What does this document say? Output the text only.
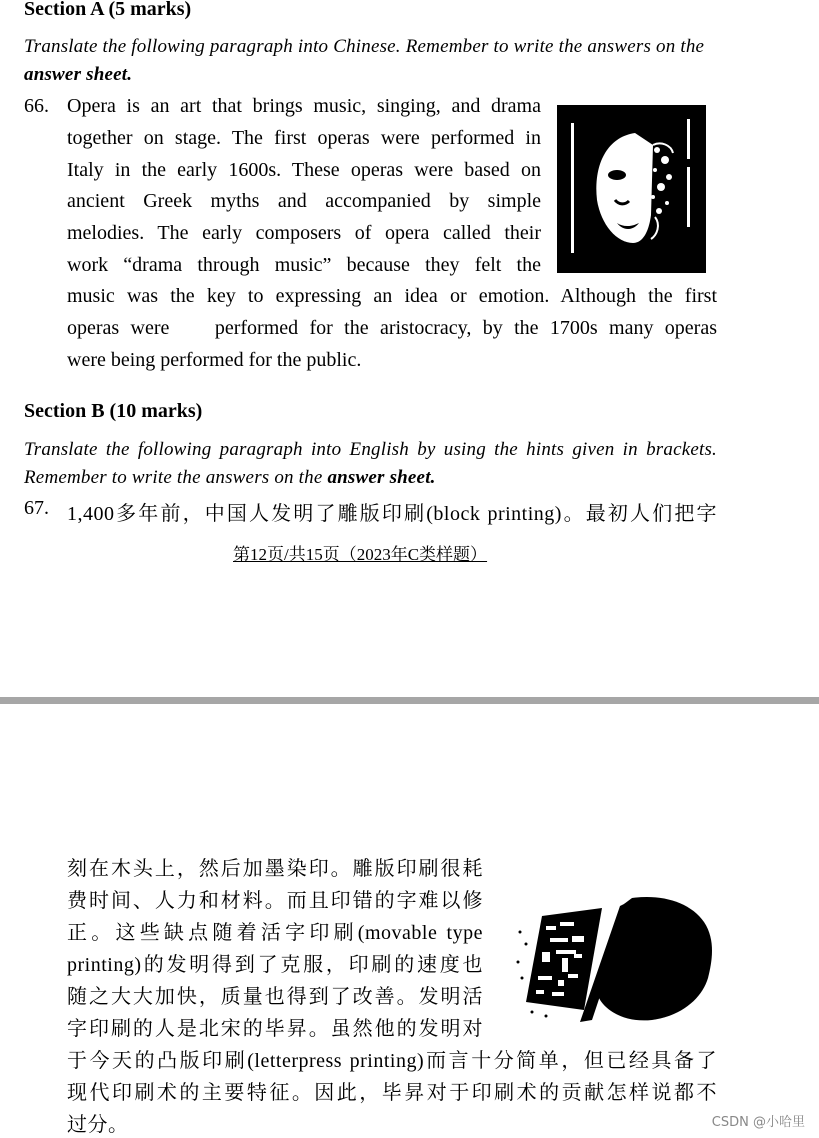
Section A (5 marks)
Translate the following paragraph into Chinese. Remember to write the answers on the answer sheet.
66. Opera is an art that brings music, singing, and drama
together on stage. The first operas were performed in
Italy in the early 1600s. These operas were based on
ancient Greek myths and accompanied by simple
melodies. The early composers of opera called their
work “drama through music” because they felt the
music was the key to expressing an idea or emotion. Although the first
operas were    performed for the aristocracy, by the 1700s many operas
were being performed for the public.
Section B (10 marks)
Translate the following paragraph into English by using the hints given in brackets. Remember to write the answers on the answer sheet.
67. 1,400多年前，中国人发明了雕版印刷(block printing)。最初人们把字
第12页/共15页（2023年C类样题）
刻在木头上，然后加墨染印。雕版印刷很耗
费时间、人力和材料。而且印错的字难以修
正。这些缺点随着活字印刷(movable type
printing)的发明得到了克服，印刷的速度也
随之大大加快，质量也得到了改善。发明活
字印刷的人是北宋的毕昇。虽然他的发明对
于今天的凸版印刷(letterpress printing)而言十分简单，但已经具备了
现代印刷术的主要特征。因此，毕昇对于印刷术的贡献怎样说都不
过分。	CSDN @小哈里
